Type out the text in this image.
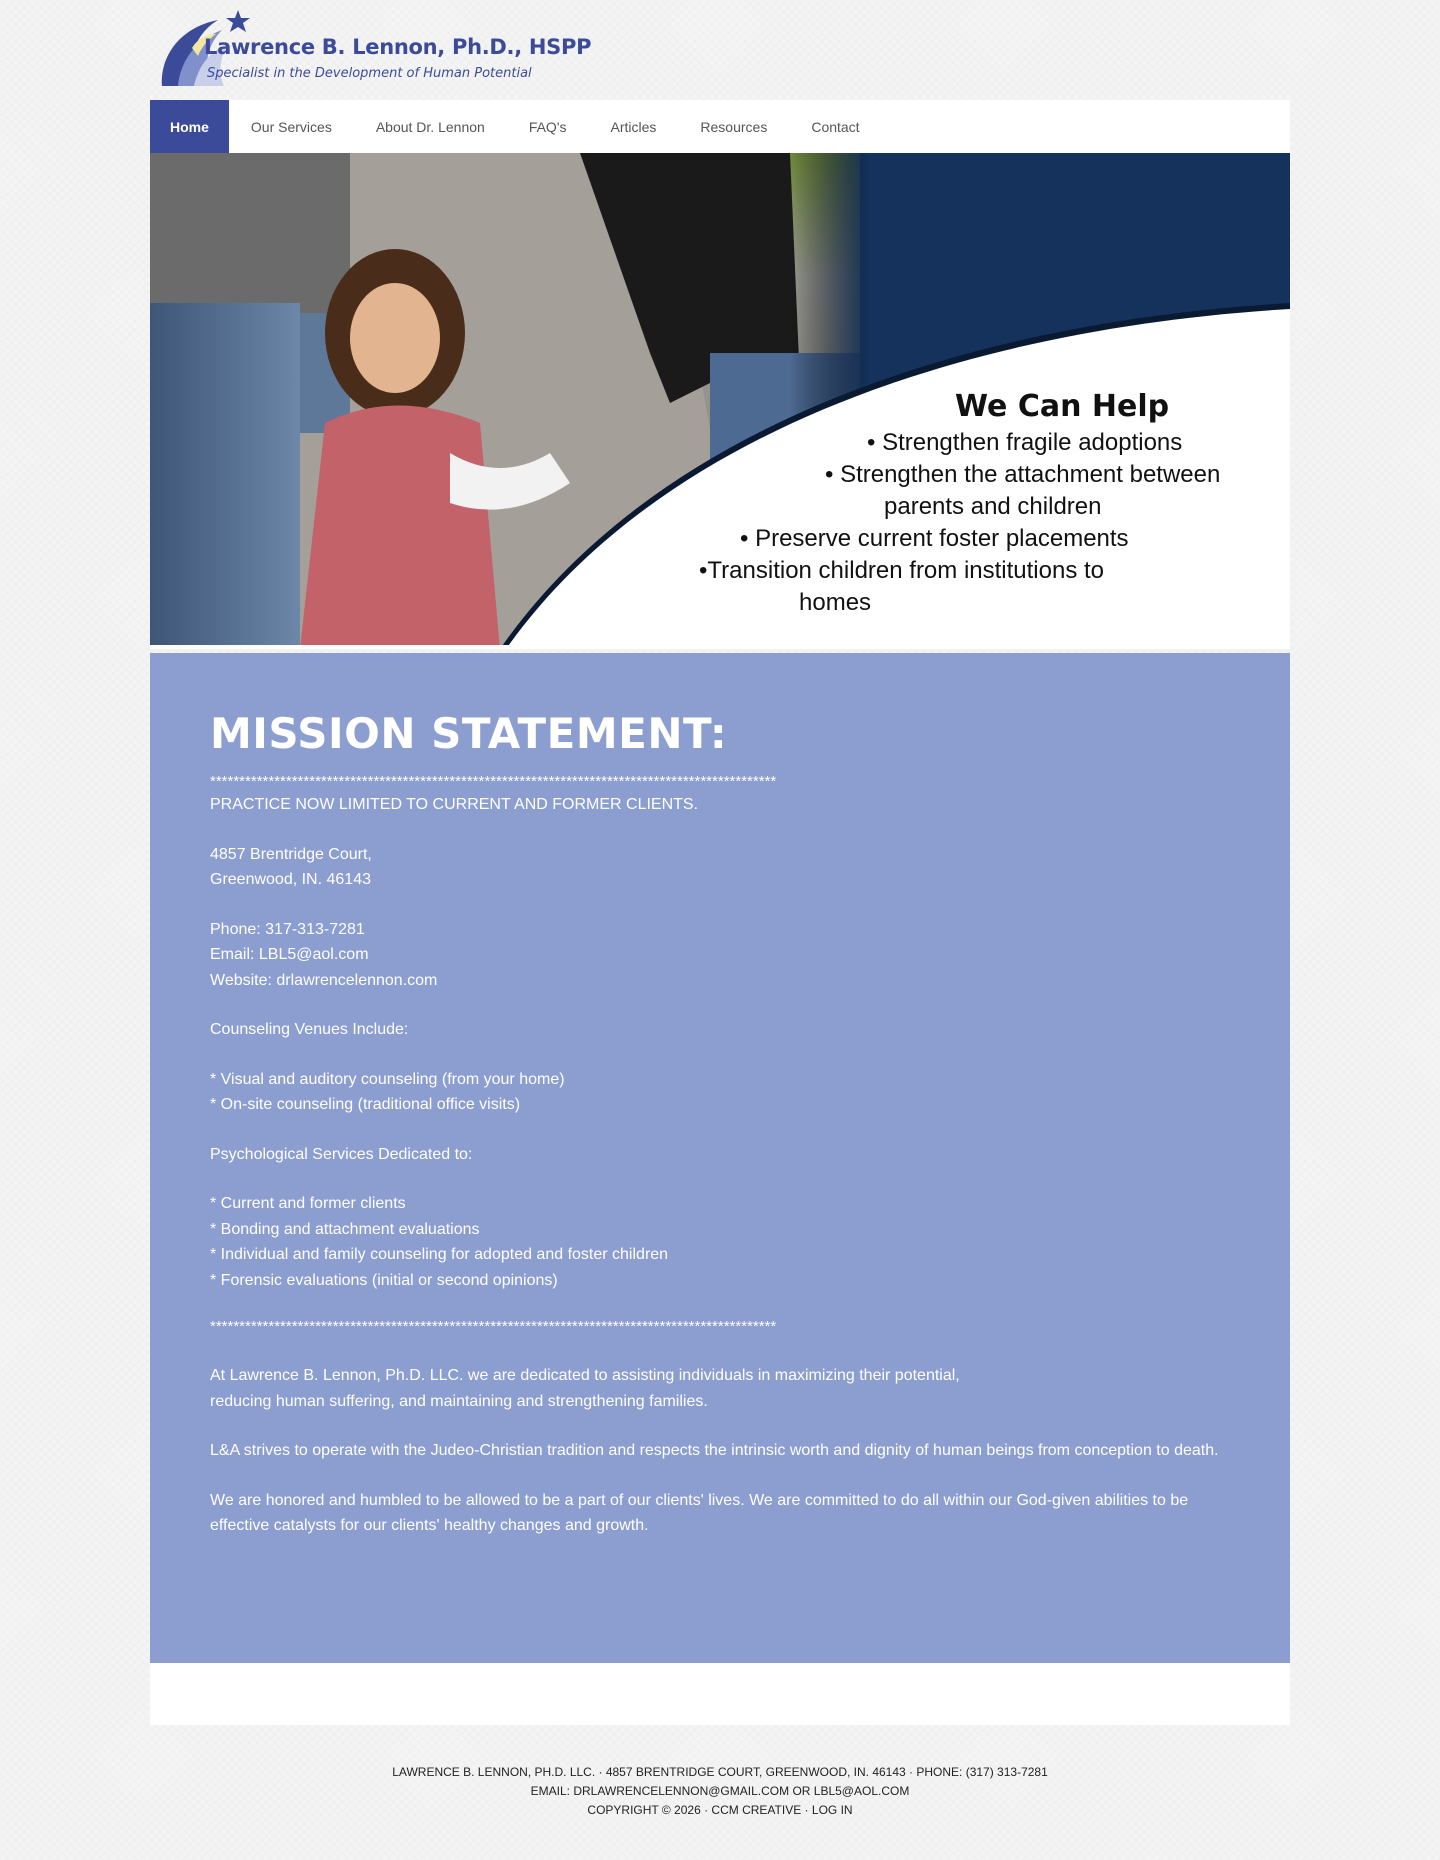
Lawrence B. Lennon, Ph.D., HSPP
Specialist in the Development of Human Potential
Home	Our Services	About Dr. Lennon	FAQ's	Articles	Resources	Contact
We Can Help
• Strengthen fragile adoptions
• Strengthen the attachment between
parents and children
• Preserve current foster placements
•Transition children from institutions to
homes
MISSION STATEMENT:
*************************************************************************************************
PRACTICE NOW LIMITED TO CURRENT AND FORMER CLIENTS.
4857 Brentridge Court,
Greenwood, IN. 46143
Phone: 317-313-7281
Email: LBL5@aol.com
Website: drlawrencelennon.com
Counseling Venues Include:
* Visual and auditory counseling (from your home)
* On-site counseling (traditional office visits)
Psychological Services Dedicated to:
* Current and former clients
* Bonding and attachment evaluations
* Individual and family counseling for adopted and foster children
* Forensic evaluations (initial or second opinions)
*************************************************************************************************
At Lawrence B. Lennon, Ph.D. LLC. we are dedicated to assisting individuals in maximizing their potential,
reducing human suffering, and maintaining and strengthening families.
L&A strives to operate with the Judeo-Christian tradition and respects the intrinsic worth and dignity of human beings from conception to death.
We are honored and humbled to be allowed to be a part of our clients' lives. We are committed to do all within our God-given abilities to be effective catalysts for our clients' healthy changes and growth.
LAWRENCE B. LENNON, PH.D. LLC. · 4857 BRENTRIDGE COURT, GREENWOOD, IN. 46143 · PHONE: (317) 313-7281
EMAIL: DRLAWRENCELENNON@GMAIL.COM OR LBL5@AOL.COM
COPYRIGHT © 2026 · CCM CREATIVE · LOG IN
